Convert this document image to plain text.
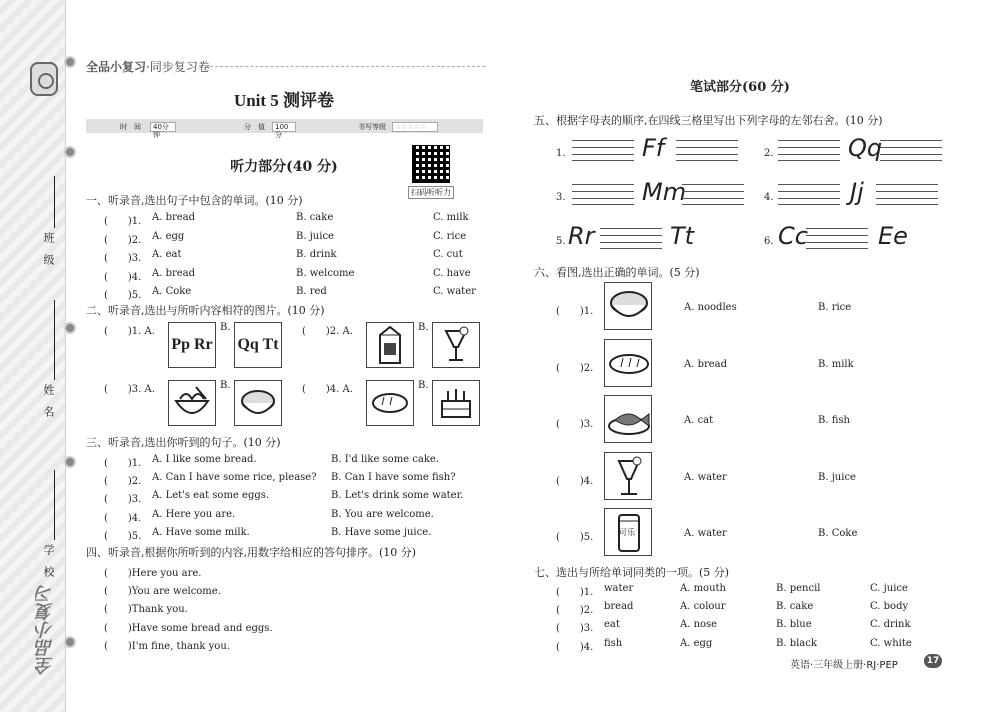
班　级
姓　名
学　校
全品小复习
全品小复习·同步复习卷
Unit 5 测评卷
时　间	40分钟
分　值	100分
书写等级	☆☆☆☆☆
听力部分(40 分)
扫码听听力
一、听录音,选出句子中包含的单词。(10 分)
(　　)1. A. bread	B. cake	C. milk
(　　)2. A. egg	B. juice	C. rice
(　　)3. A. eat	B. drink	C. cut
(　　)4. A. bread	B. welcome	C. have
(　　)5. A. Coke	B. red	C. water
二、听录音,选出与所听内容相符的图片。(10 分)
(　　)1. A.
Pp Rr
B.
Qq Tt
(　　)2. A.	B.
(　　)3. A.	B.	(　　)4. A.	B.
三、听录音,选出你听到的句子。(10 分)
(　　)1. A. I like some bread.	B. I'd like some cake.
(　　)2. A. Can I have some rice, please? B. Can I have some fish?
(　　)3. A. Let's eat some eggs.	B. Let's drink some water.
(　　)4. A. Here you are.	B. You are welcome.
(　　)5. A. Have some milk.	B. Have some juice.
四、听录音,根据你所听到的内容,用数字给相应的答句排序。(10 分)
(　　)Here you are.
(　　)You are welcome.
(　　)Thank you.
(　　)Have some bread and eggs.
(　　)I'm fine, thank you.
笔试部分(60 分)
五、根据字母表的顺序,在四线三格里写出下列字母的左邻右舍。(10 分)
1.	Ff	2.	Qq
3.	Mm	4.	Jj
5. Rr	Tt	6. Cc	Ee
六、看图,选出正确的单词。(5 分)
(　　)1.	A. noodles	B. rice
(　　)2.	A. bread	B. milk
(　　)3.	A. cat	B. fish
(　　)4.	A. water	B. juice
(　　)5.	A. water	B. Coke
可乐
七、选出与所给单词同类的一项。(5 分)
(　　)1. water	A. mouth	B. pencil	C. juice
(　　)2. bread	A. colour	B. cake	C. body
(　　)3. eat	A. nose	B. blue	C. drink
(　　)4. fish	A. egg	B. black	C. white
英语·三年级上册·RJ·PEP	17
